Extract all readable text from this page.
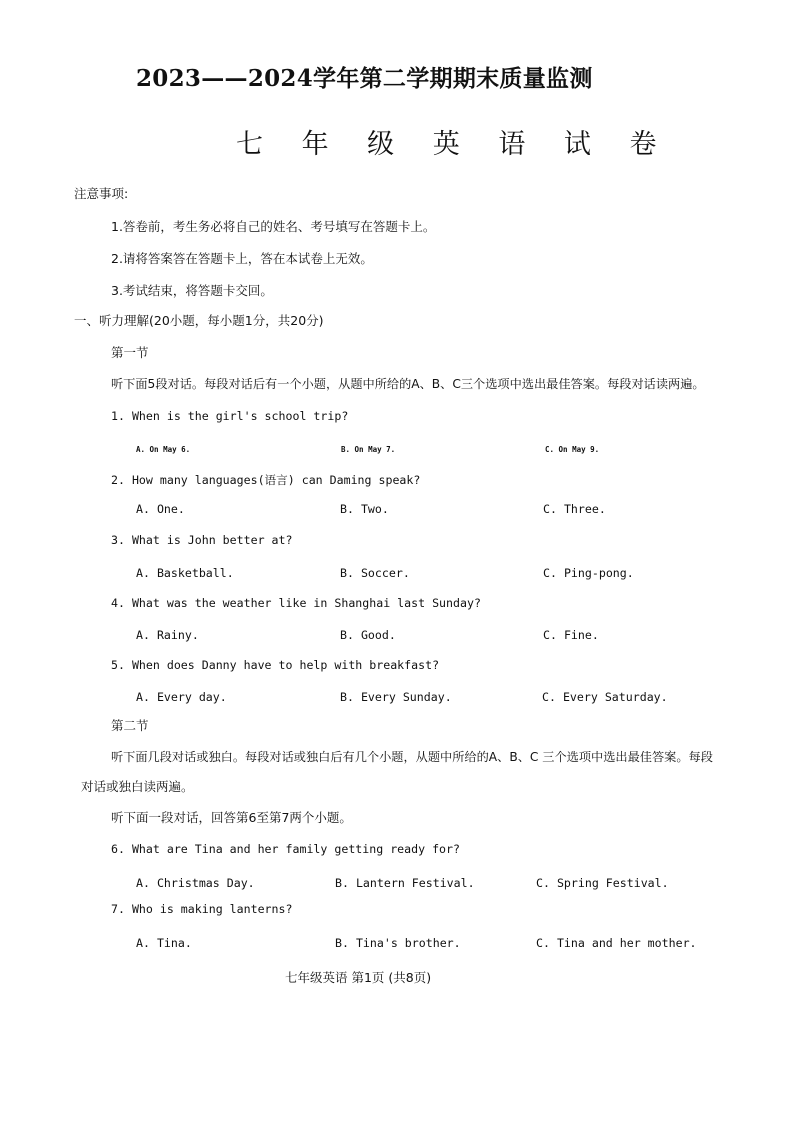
2023——2024学年第二学期期末质量监测
七 年 级 英 语 试 卷
注意事项:
1.答卷前，考生务必将自己的姓名、考号填写在答题卡上。
2.请将答案答在答题卡上，答在本试卷上无效。
3.考试结束，将答题卡交回。
一、听力理解(20小题，每小题1分，共20分)
第一节
听下面5段对话。每段对话后有一个小题，从题中所给的A、B、C三个选项中选出最佳答案。每段对话读两遍。
1. When is the girl's school trip?
A. On May 6.	B. On May 7.	C. On May 9.
2. How many languages(语言) can Daming speak?
A. One.	B. Two.	C. Three.
3. What is John better at?
A. Basketball.	B. Soccer.	C. Ping-pong.
4. What was the weather like in Shanghai last Sunday?
A. Rainy.	B. Good.	C. Fine.
5. When does Danny have to help with breakfast?
A. Every day.	B. Every Sunday.	C. Every Saturday.
第二节
听下面几段对话或独白。每段对话或独白后有几个小题，从题中所给的A、B、C 三个选项中选出最佳答案。每段
对话或独白读两遍。
听下面一段对话，回答第6至第7两个小题。
6. What are Tina and her family getting ready for?
A. Christmas Day.	B. Lantern Festival.	C. Spring Festival.
7. Who is making lanterns?
A. Tina.	B. Tina's brother.	C. Tina and her mother.
七年级英语 第1页 (共8页)
